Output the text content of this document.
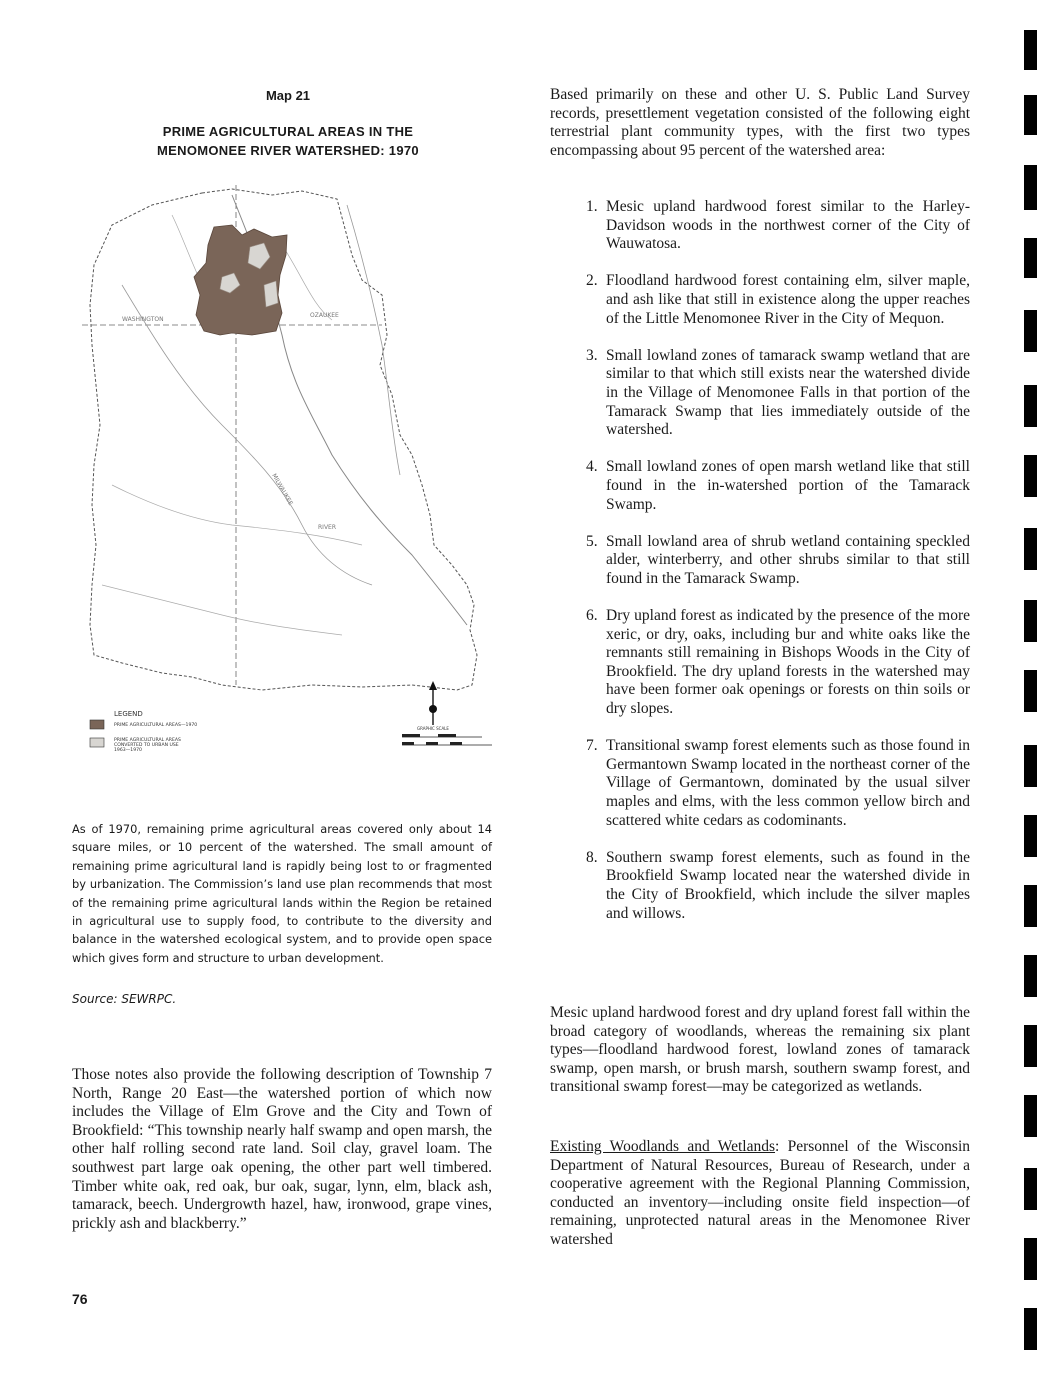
Map 21
PRIME AGRICULTURAL AREAS IN THE
MENOMONEE RIVER WATERSHED: 1970
WASHINGTON
OZAUKEE
MILWAUKEE
RIVER
LEGEND
PRIME AGRICULTURAL AREAS—1970
PRIME AGRICULTURAL AREAS
CONVERTED TO URBAN USE
1963—1970
GRAPHIC SCALE
As of 1970, remaining prime agricultural areas covered only about 14 square miles, or 10 percent of the watershed. The small amount of remaining prime agricultural land is rapidly being lost to or fragmented by urbanization. The Commission’s land use plan recommends that most of the remaining prime agricultural lands within the Region be retained in agricultural use to supply food, to contribute to the diversity and balance in the watershed ecological system, and to provide open space which gives form and structure to urban development.
Source: SEWRPC.
Those notes also provide the following description of Township 7 North, Range 20 East—the watershed portion of which now includes the Village of Elm Grove and the City and Town of Brookfield: “This township nearly half swamp and open marsh, the other half rolling second rate land. Soil clay, gravel loam. The southwest part large oak opening, the other part well timbered. Timber white oak, red oak, bur oak, sugar, lynn, elm, black ash, tamarack, beech. Undergrowth hazel, haw, ironwood, grape vines, prickly ash and blackberry.”
Based primarily on these and other U. S. Public Land Survey records, presettlement vegetation consisted of the following eight terrestrial plant community types, with the first two types encompassing about 95 percent of the watershed area:
1. Mesic upland hardwood forest similar to the Harley-Davidson woods in the northwest corner of the City of Wauwatosa.
2. Floodland hardwood forest containing elm, silver maple, and ash like that still in existence along the upper reaches of the Little Menomonee River in the City of Mequon.
3. Small lowland zones of tamarack swamp wetland that are similar to that which still exists near the watershed divide in the Village of Menomonee Falls in that portion of the Tamarack Swamp that lies immediately outside of the watershed.
4. Small lowland zones of open marsh wetland like that still found in the in-watershed portion of the Tamarack Swamp.
5. Small lowland area of shrub wetland containing speckled alder, winterberry, and other shrubs similar to that still found in the Tamarack Swamp.
6. Dry upland forest as indicated by the presence of the more xeric, or dry, oaks, including bur and white oaks like the remnants still remaining in Bishops Woods in the City of Brookfield. The dry upland forests in the watershed may have been former oak openings or forests on thin soils or dry slopes.
7. Transitional swamp forest elements such as those found in Germantown Swamp located in the northeast corner of the Village of Germantown, dominated by the usual silver maples and elms, with the less common yellow birch and scattered white cedars as codominants.
8. Southern swamp forest elements, such as found in the Brookfield Swamp located near the watershed divide in the City of Brookfield, which include the silver maples and willows.
Mesic upland hardwood forest and dry upland forest fall within the broad category of woodlands, whereas the remaining six plant types—floodland hardwood forest, lowland zones of tamarack swamp, open marsh, or brush marsh, southern swamp forest, and transitional swamp forest—may be categorized as wetlands.
Existing Woodlands and Wetlands: Personnel of the Wisconsin Department of Natural Resources, Bureau of Research, under a cooperative agreement with the Regional Planning Commission, conducted an inventory—including onsite field inspection—of remaining, unprotected natural areas in the Menomonee River watershed
76
